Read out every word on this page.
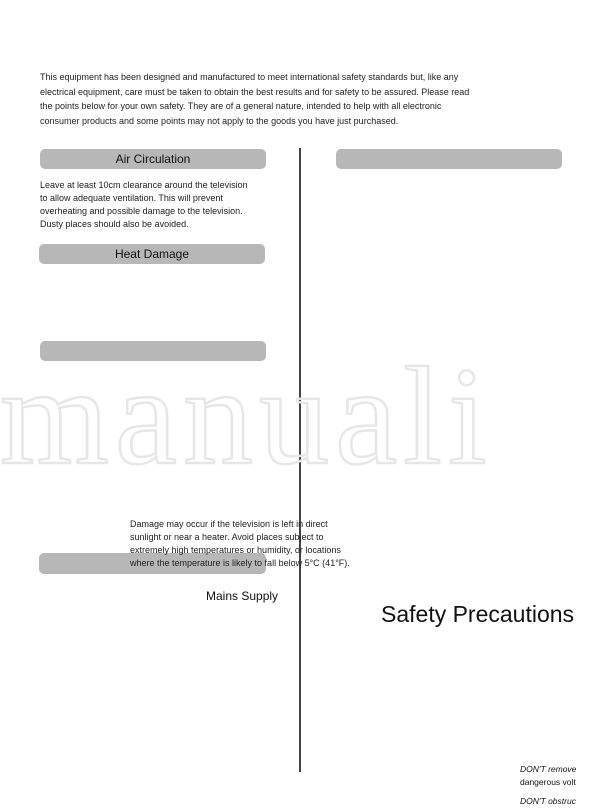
This equipment has been designed and manufactured to meet international safety standards but, like any
electrical equipment, care must be taken to obtain the best results and for safety to be assured. Please read
the points below for your own safety. They are of a general nature, intended to help with all electronic
consumer products and some points may not apply to the goods you have just purchased.
Air Circulation
Leave at least 10cm clearance around the television
to allow adequate ventilation. This will prevent
overheating and possible damage to the television.
Dusty places should also be avoided.
Heat Damage
Damage may occur if the television is left in direct
sunlight or near a heater. Avoid places subject to
extremely high temperatures or humidity, or locations
where the temperature is likely to fall below 5°C (41°F).
Mains Supply
Safety Precautions
DON'T remove
dangerous volt
DON'T obstruc
manuali
